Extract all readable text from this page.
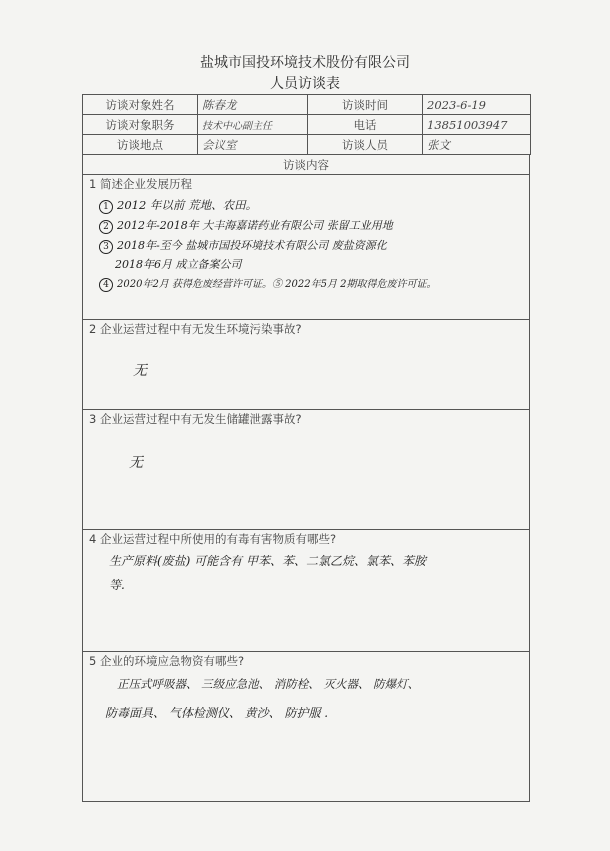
盐城市国投环境技术股份有限公司
人员访谈表
访谈对象姓名	陈春龙	访谈时间	2023-6-19
访谈对象职务	技术中心副主任	电话	13851003947
访谈地点	会议室	访谈人员	张文
访谈内容
1 简述企业发展历程
1 2012 年以前 荒地、农田。
2 2012年-2018年 大丰海嘉诺药业有限公司 张留工业用地
3 2018年-至今 盐城市国投环境技术有限公司 废盐资源化
2018年6月 成立备案公司
4 2020年2月 获得危废经营许可证。⑤ 2022年5月 2期取得危废许可证。
2 企业运营过程中有无发生环境污染事故?
无
3 企业运营过程中有无发生储罐泄露事故?
无
4 企业运营过程中所使用的有毒有害物质有哪些?
生产原料(废盐) 可能含有 甲苯、苯、二氯乙烷、氯苯、苯胺
等.
5 企业的环境应急物资有哪些?
正压式呼吸器、 三级应急池、 消防栓、 灭火器、 防爆灯、
防毒面具、 气体检测仪、 黄沙、 防护服 .
